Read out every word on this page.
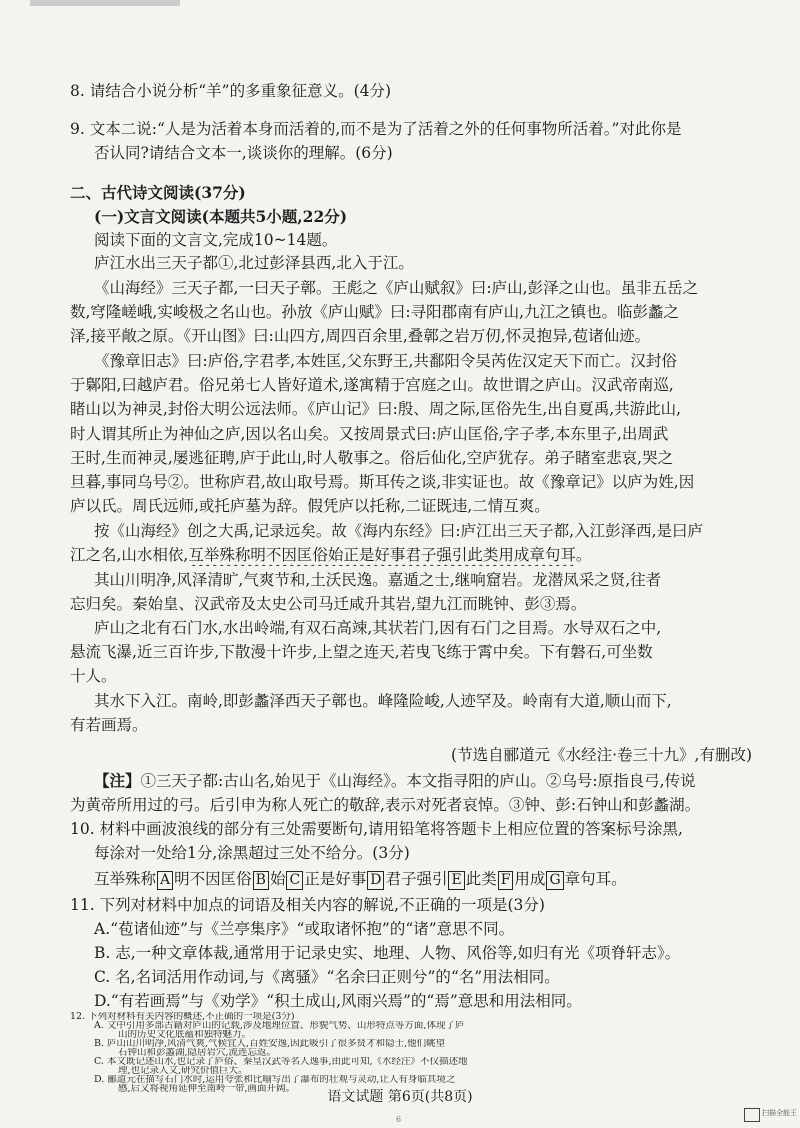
8. 请结合小说分析“羊”的多重象征意义。(4分)
9. 文本二说:“人是为活着本身而活着的,而不是为了活着之外的任何事物所活着。”对此你是
否认同?请结合文本一,谈谈你的理解。(6分)
二、古代诗文阅读(37分)
(一)文言文阅读(本题共5小题,22分)
阅读下面的文言文,完成10~14题。
庐江水出三天子都①,北过彭泽县西,北入于江。
《山海经》三天子都,一曰天子鄣。王彪之《庐山赋叙》曰:庐山,彭泽之山也。虽非五岳之
数,穹隆嵯峨,实峻极之名山也。孙放《庐山赋》曰:寻阳郡南有庐山,九江之镇也。临彭蠡之
泽,接平敞之原。《开山图》曰:山四方,周四百余里,叠鄣之岩万仞,怀灵抱异,苞诸仙迹。
《豫章旧志》曰:庐俗,字君孝,本姓匡,父东野王,共鄱阳令吴芮佐汉定天下而亡。汉封俗
于鄡阳,曰越庐君。俗兄弟七人皆好道术,遂寓精于宫庭之山。故世谓之庐山。汉武帝南巡,
睹山以为神灵,封俗大明公远法师。《庐山记》曰:殷、周之际,匡俗先生,出自夏禹,共游此山,
时人谓其所止为神仙之庐,因以名山矣。又按周景式曰:庐山匡俗,字子孝,本东里子,出周武
王时,生而神灵,屡逃征聘,庐于此山,时人敬事之。俗后仙化,空庐犹存。弟子睹室悲哀,哭之
旦暮,事同乌号②。世称庐君,故山取号焉。斯耳传之谈,非实证也。故《豫章记》以庐为姓,因
庐以氏。周氏远师,或托庐墓为辞。假凭庐以托称,二证既违,二情互爽。
按《山海经》创之大禹,记录远矣。故《海内东经》曰:庐江出三天子都,入江彭泽西,是曰庐
江之名,山水相依,互举殊称明不因匡俗始正是好事君子强引此类用成章句耳。
其山川明净,风泽清旷,气爽节和,土沃民逸。嘉遁之士,继响窟岩。龙潜凤采之贤,往者
忘归矣。秦始皇、汉武帝及太史公司马迁咸升其岩,望九江而眺钟、彭③焉。
庐山之北有石门水,水出岭端,有双石高竦,其状若门,因有石门之目焉。水导双石之中,
悬流飞瀑,近三百许步,下散漫十许步,上望之连天,若曳飞练于霄中矣。下有磐石,可坐数
十人。
其水下入江。南岭,即彭蠡泽西天子鄣也。峰隆险峻,人迹罕及。岭南有大道,顺山而下,
有若画焉。
(节选自郦道元《水经注·卷三十九》,有删改)
【注】①三天子都:古山名,始见于《山海经》。本文指寻阳的庐山。②乌号:原指良弓,传说
为黄帝所用过的弓。后引申为称人死亡的敬辞,表示对死者哀悼。③钟、彭:石钟山和彭蠡湖。
10. 材料中画波浪线的部分有三处需要断句,请用铅笔将答题卡上相应位置的答案标号涂黑,
每涂对一处给1分,涂黑超过三处不给分。(3分)
互举殊称 A 明不因匡俗 B 始 C 正是好事 D 君子强引 E 此类 F 用成 G 章句耳。
11. 下列对材料中加点的词语及相关内容的解说,不正确的一项是(3分)
A.“苞诸仙迹”与《兰亭集序》“或取诸怀抱”的“诸”意思不同。
B. 志,一种文章体裁,通常用于记录史实、地理、人物、风俗等,如归有光《项脊轩志》。
C. 名,名词活用作动词,与《离骚》“名余曰正则兮”的“名”用法相同。
D.“有若画焉”与《劝学》“积土成山,风雨兴焉”的“焉”意思和用法相同。
12. 下列对材料有关内容的概述,不正确的一项是(3分)
A. 文中引用多部古籍对庐山的记载,涉及地理位置、形貌气势、山形特点等方面,体现了庐
山的历史文化底蕴和独特魅力。
语文试题 第6页(共8页)
6
扫描全能王
B. 庐山山川明净,风清气爽,气候宜人,百姓安逸,因此吸引了很多贤才和隐士,他们眺望
石钟山和彭蠡湖,隐居岩穴,流连忘返。
C. 本文既记述山水,也记录了庐俗、秦皇汉武等名人逸事,由此可知,《水经注》不仅描述地
理,也记录人文,研究价值巨大。
D. 郦道元在描写石门水时,运用夸张和比喻写出了瀑布的壮观与灵动,让人有身临其境之
感,后又将视角延伸至南岭一带,画面开阔。
